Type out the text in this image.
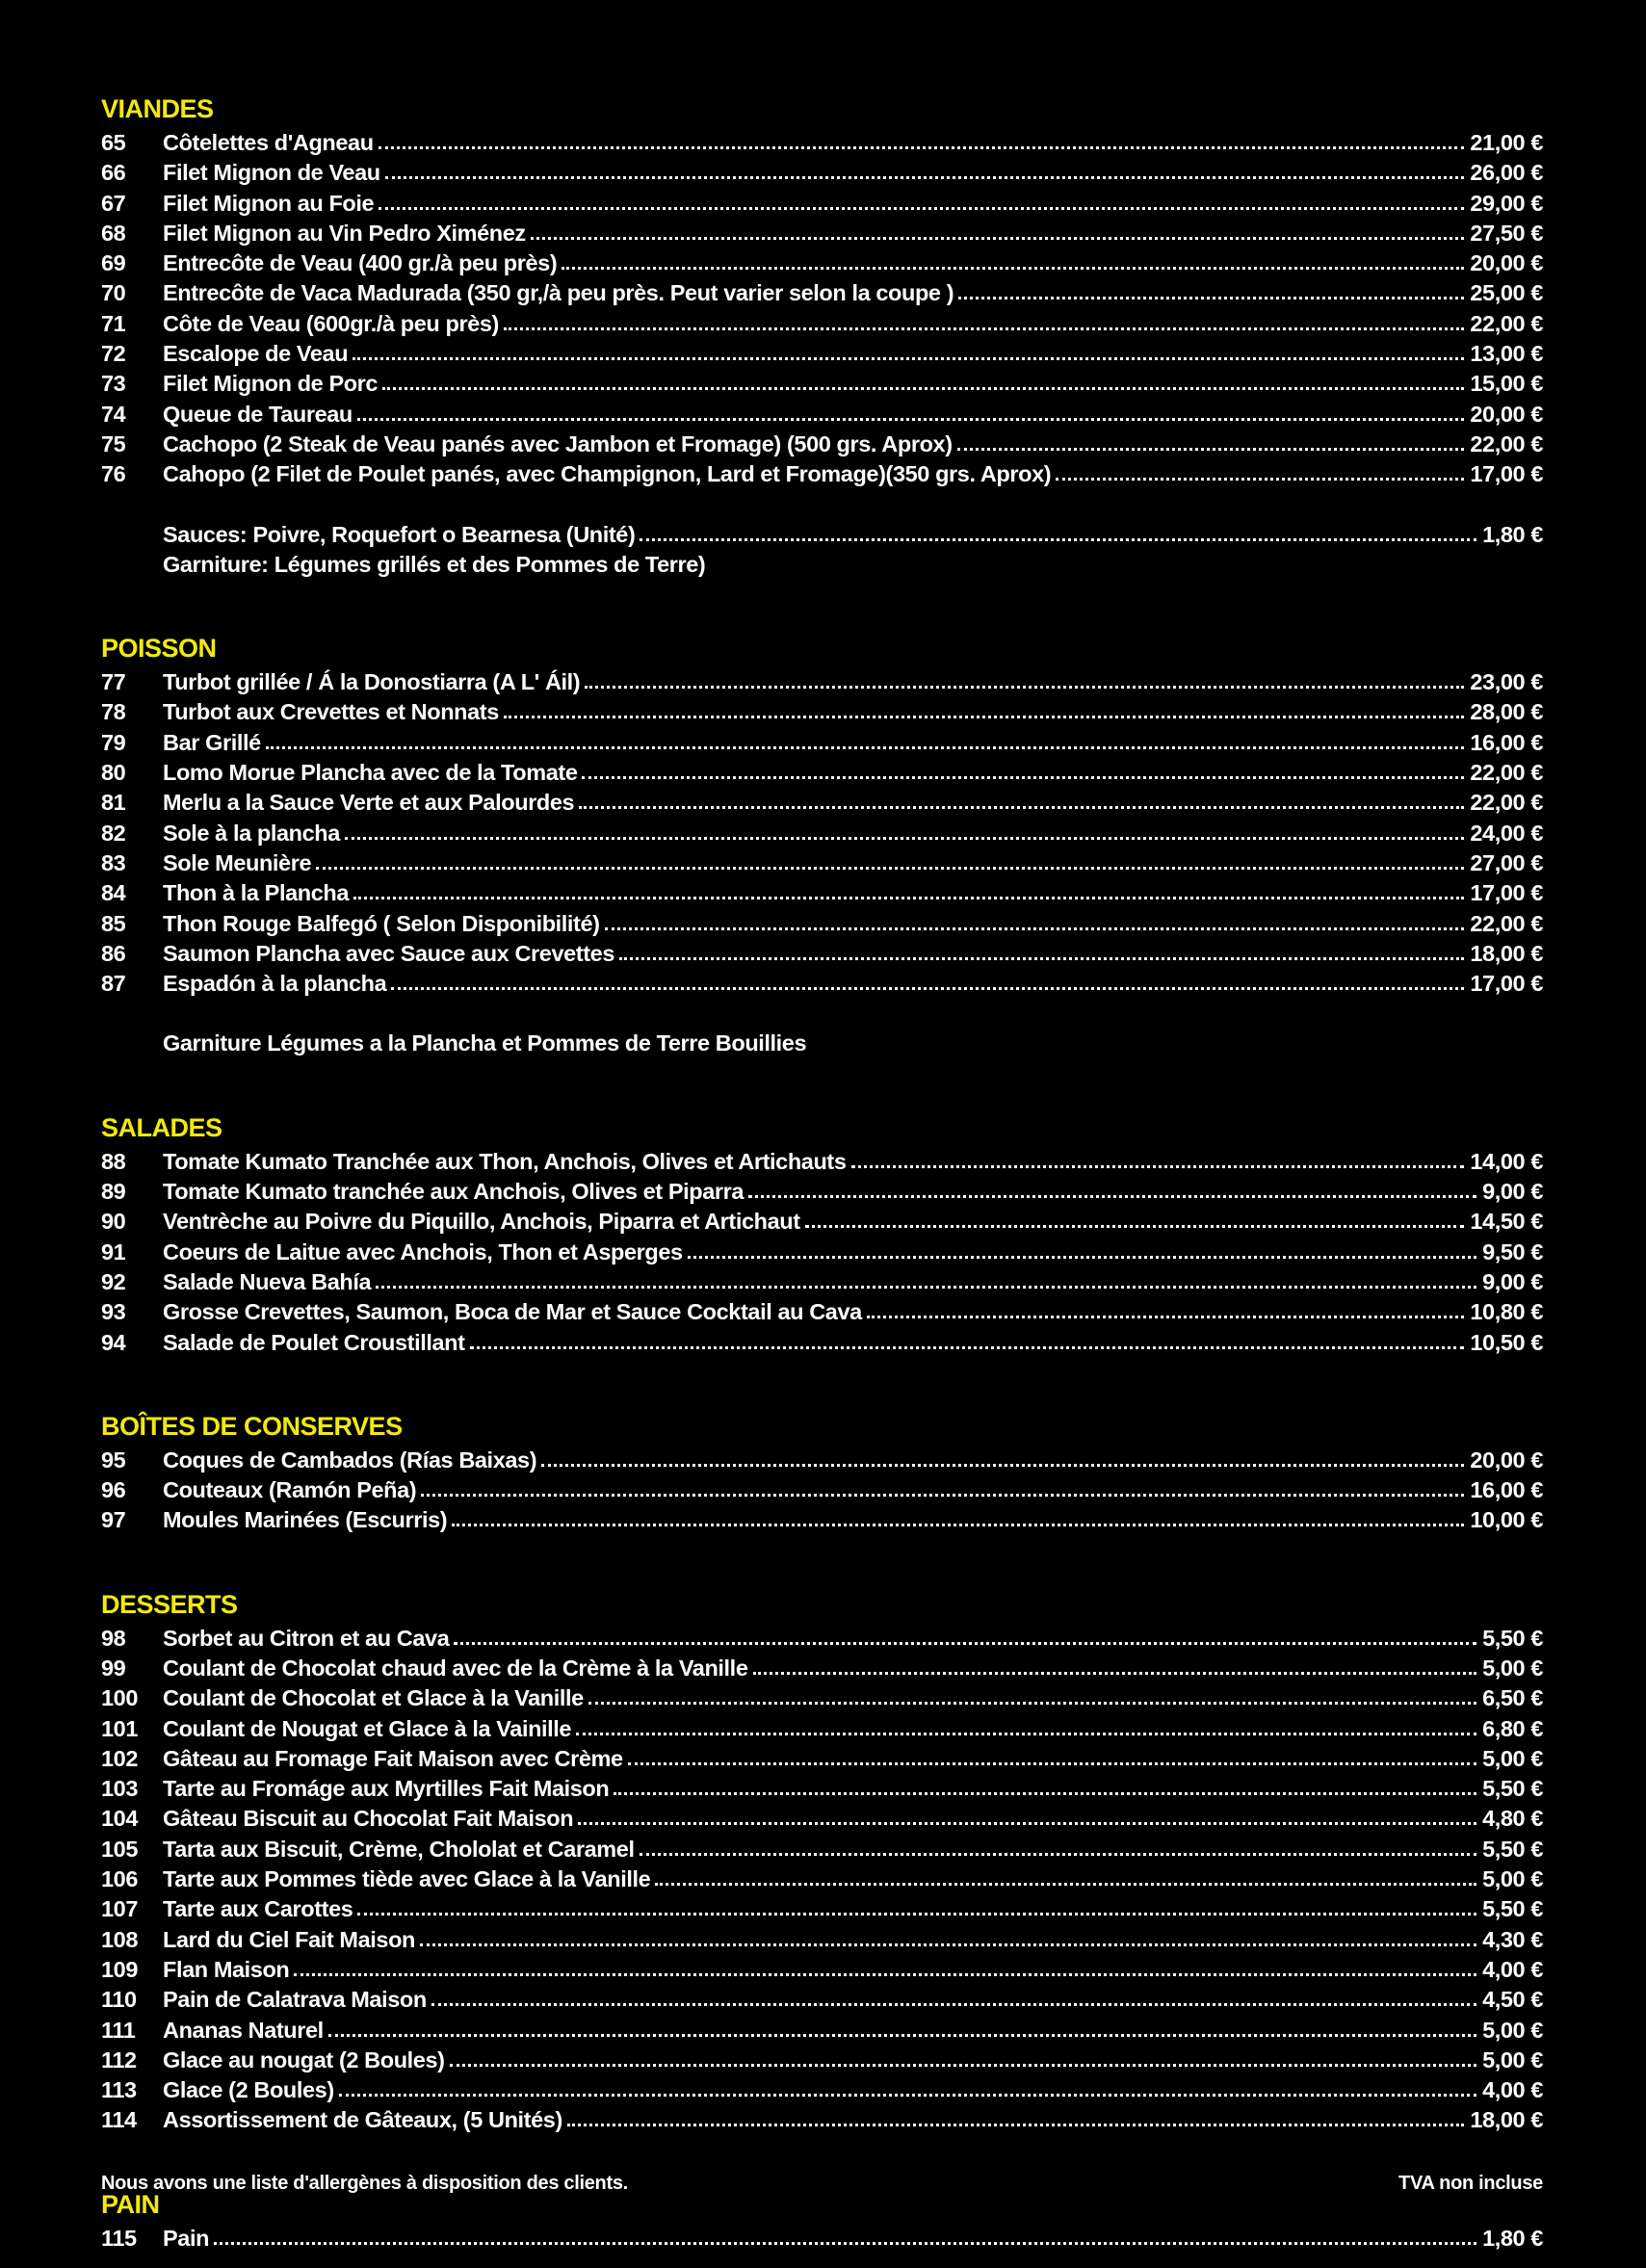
VIANDES
65	Côtelettes d'Agneau	21,00 €
66	Filet Mignon de Veau	26,00 €
67	Filet Mignon au Foie	29,00 €
68	Filet Mignon au Vin Pedro Ximénez	27,50 €
69	Entrecôte de Veau (400 gr./à peu près)	20,00 €
70	Entrecôte de Vaca Madurada (350 gr,/à peu près. Peut varier selon la coupe )	25,00 €
71	Côte de Veau (600gr./à peu près)	22,00 €
72	Escalope de Veau	13,00 €
73	Filet Mignon de Porc	15,00 €
74	Queue de Taureau	20,00 €
75	Cachopo (2 Steak de Veau panés avec Jambon et Fromage) (500 grs. Aprox)	22,00 €
76	Cahopo (2 Filet de Poulet panés, avec Champignon, Lard et Fromage)(350 grs. Aprox)	17,00 €
Sauces: Poivre, Roquefort o Bearnesa (Unité)	1,80 €
Garniture: Légumes grillés et des Pommes de Terre)
POISSON
77	Turbot grillée / Á la Donostiarra (A L' Áil)	23,00 €
78	Turbot aux Crevettes et Nonnats	28,00 €
79	Bar Grillé	16,00 €
80	Lomo Morue Plancha avec de la Tomate	22,00 €
81	Merlu a la Sauce Verte et aux Palourdes	22,00 €
82	Sole à la plancha	24,00 €
83	Sole Meunière	27,00 €
84	Thon à la Plancha	17,00 €
85	Thon Rouge Balfegó ( Selon Disponibilité)	22,00 €
86	Saumon Plancha avec Sauce aux Crevettes	18,00 €
87	Espadón à la plancha	17,00 €
Garniture Légumes a la Plancha et Pommes de Terre Bouillies
SALADES
88	Tomate Kumato Tranchée aux Thon, Anchois, Olives et Artichauts	14,00 €
89	Tomate Kumato tranchée aux Anchois, Olives et Piparra	9,00 €
90	Ventrèche au Poivre du Piquillo, Anchois, Piparra et Artichaut	14,50 €
91	Coeurs de Laitue avec Anchois, Thon et Asperges	9,50 €
92	Salade Nueva Bahía	9,00 €
93	Grosse Crevettes, Saumon, Boca de Mar et Sauce Cocktail au Cava	10,80 €
94	Salade de Poulet Croustillant	10,50 €
BOÎTES DE CONSERVES
95	Coques de Cambados (Rías Baixas)	20,00 €
96	Couteaux (Ramón Peña)	16,00 €
97	Moules Marinées (Escurris)	10,00 €
DESSERTS
98	Sorbet au Citron et au Cava	5,50 €
99	Coulant de Chocolat chaud avec de la Crème à la Vanille	5,00 €
100	Coulant de Chocolat et Glace à la Vanille	6,50 €
101	Coulant de Nougat et Glace à la Vainille	6,80 €
102	Gâteau au Fromage Fait Maison avec Crème	5,00 €
103	Tarte au Fromáge aux Myrtilles Fait Maison	5,50 €
104	Gâteau Biscuit au Chocolat Fait Maison	4,80 €
105	Tarta aux Biscuit, Crème, Chololat et Caramel	5,50 €
106	Tarte aux Pommes tiède avec Glace à la Vanille	5,00 €
107	Tarte aux Carottes	5,50 €
108	Lard du Ciel Fait Maison	4,30 €
109	Flan Maison	4,00 €
110	Pain de Calatrava Maison	4,50 €
111	Ananas Naturel	5,00 €
112	Glace au nougat (2 Boules)	5,00 €
113	Glace (2 Boules)	4,00 €
114	Assortissement de Gâteaux, (5 Unités)	18,00 €
PAIN
115	Pain	1,80 €
Nous avons une liste d'allergènes à disposition des clients.	TVA non incluse
